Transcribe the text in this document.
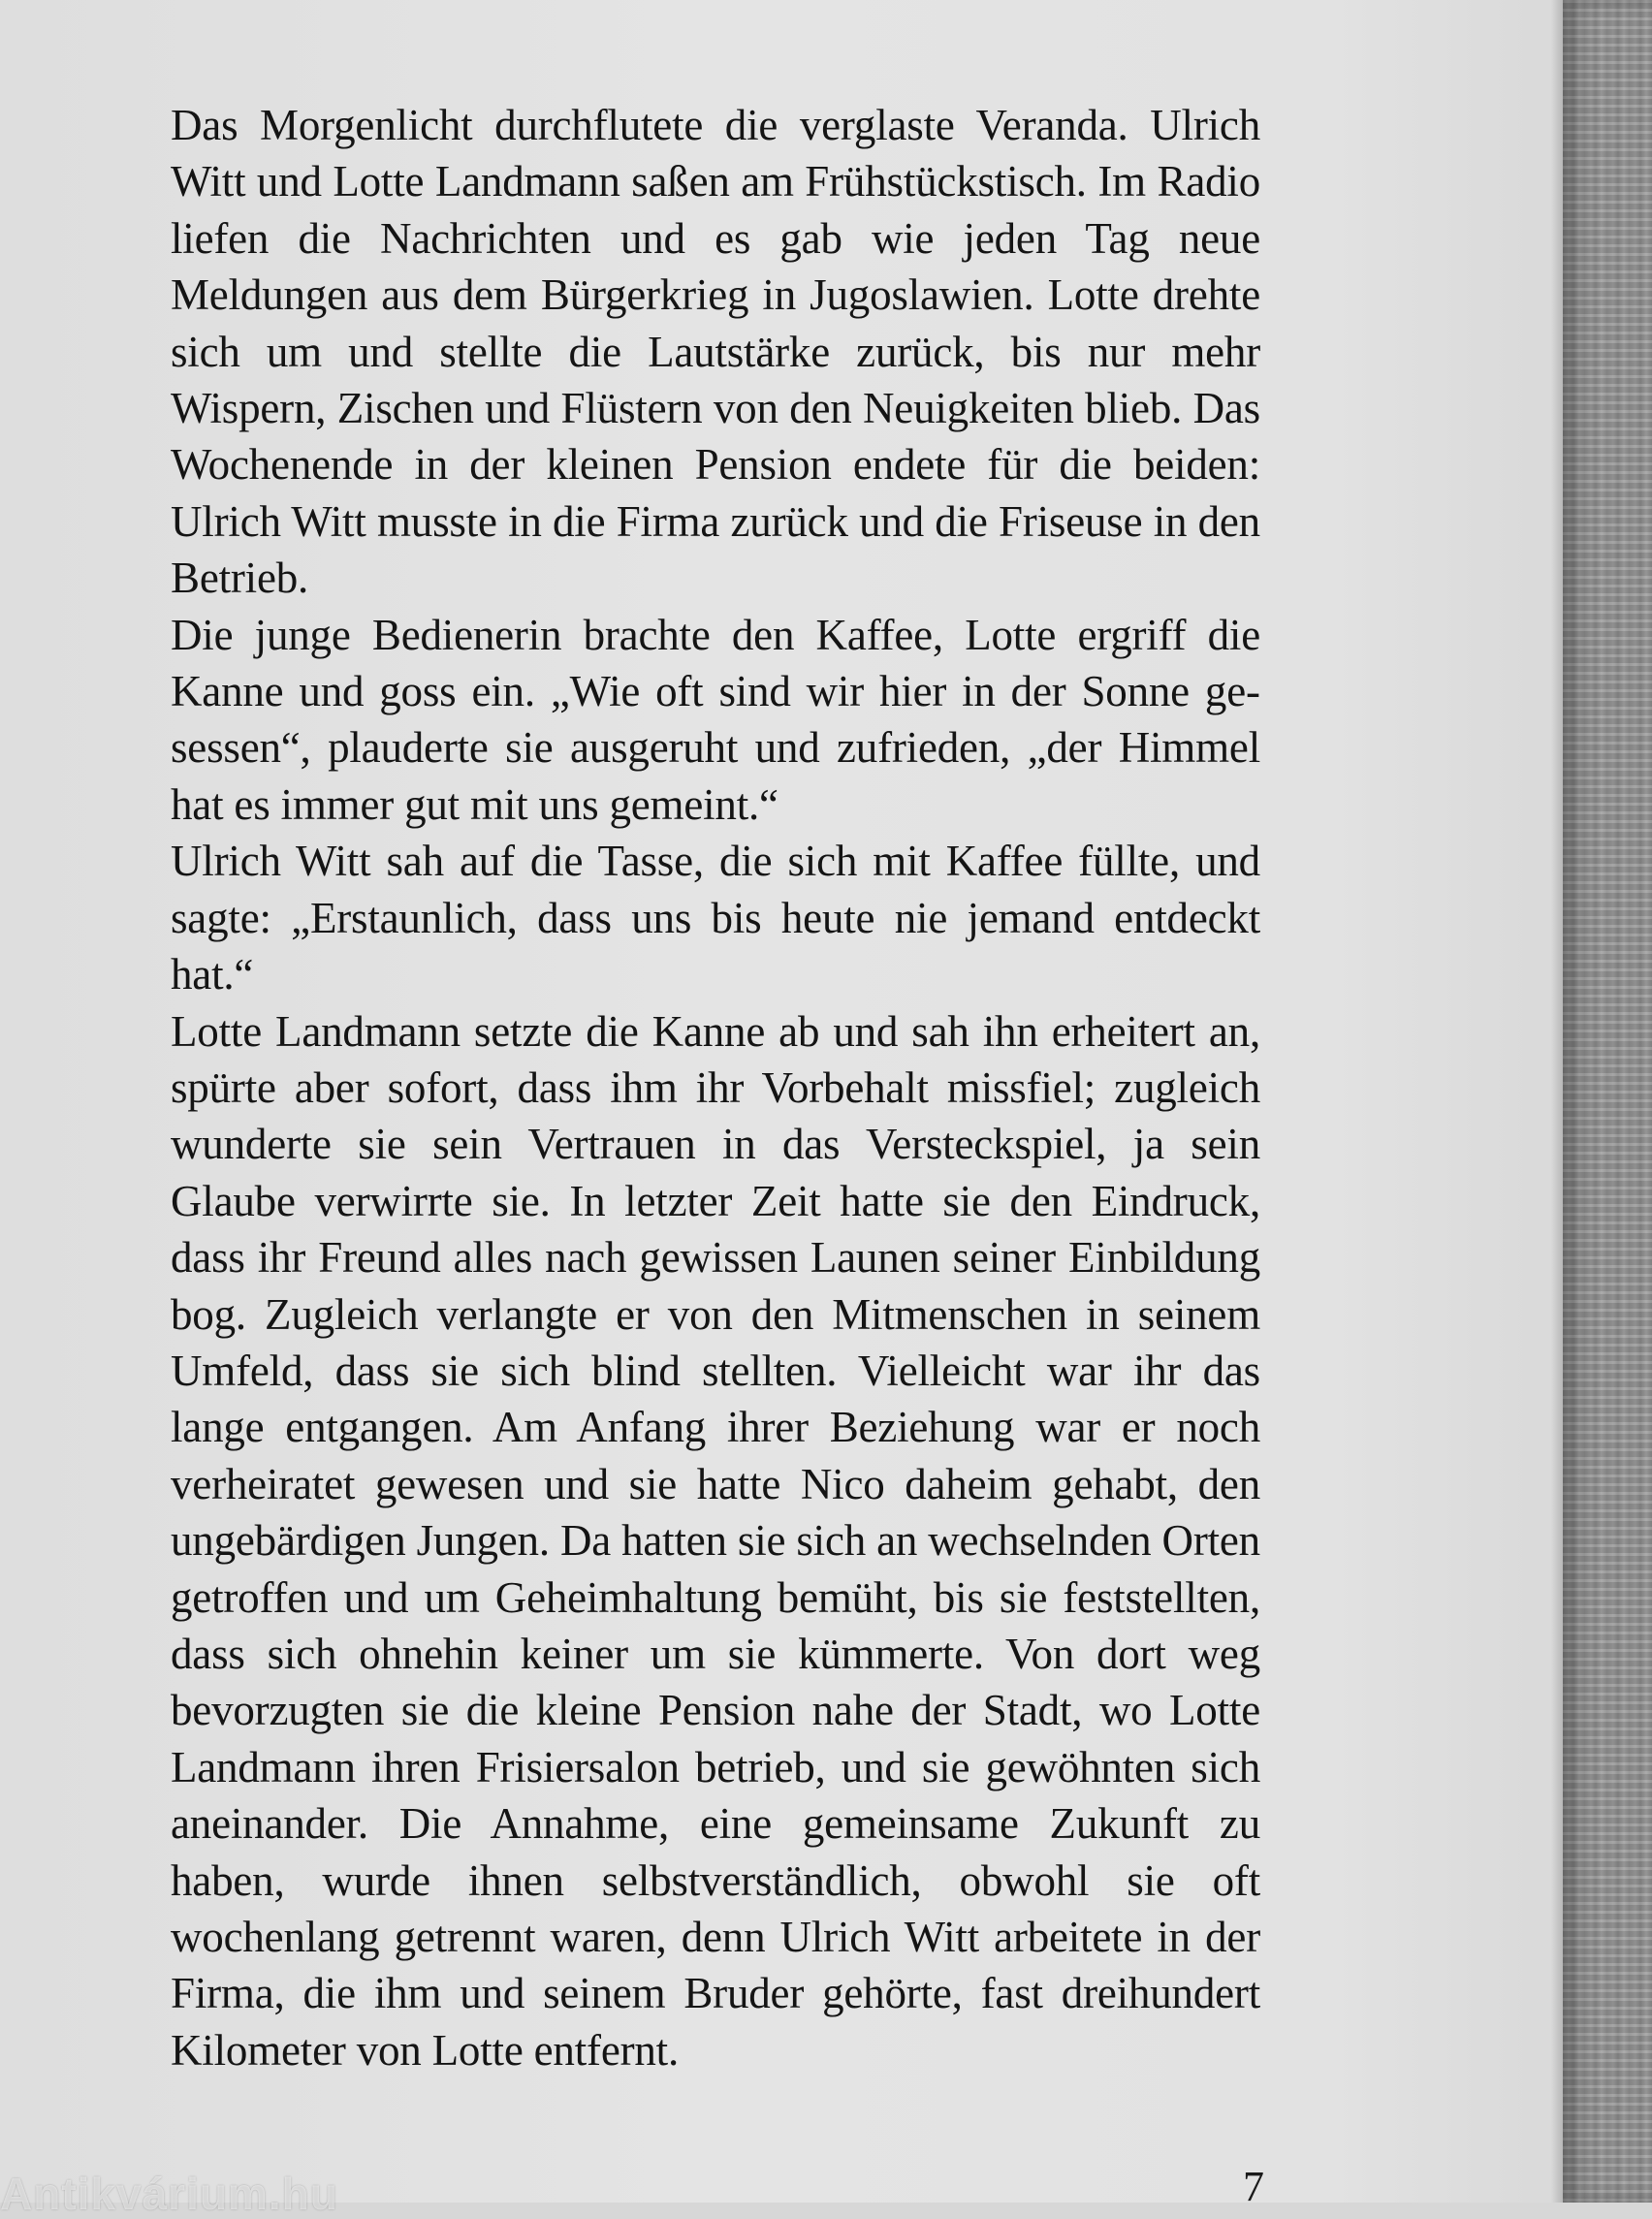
Das Morgenlicht durchflutete die verglaste Veranda. Ulrich Witt und Lotte Landmann saßen am Frühstückstisch. Im Radio liefen die Nachrichten und es gab wie jeden Tag neue Meldungen aus dem Bürgerkrieg in Jugoslawien. Lotte drehte sich um und stellte die Lautstärke zurück, bis nur mehr Wispern, Zischen und Flüstern von den Neuigkeiten blieb. Das Wochenende in der kleinen Pension endete für die beiden: Ulrich Witt musste in die Firma zurück und die Friseuse in den Betrieb.

Die junge Bedienerin brachte den Kaffee, Lotte ergriff die Kanne und goss ein. „Wie oft sind wir hier in der Sonne gesessen“, plauderte sie ausgeruht und zufrieden, „der Himmel hat es immer gut mit uns gemeint.“

Ulrich Witt sah auf die Tasse, die sich mit Kaffee füllte, und sagte: „Erstaunlich, dass uns bis heute nie jemand entdeckt hat.“

Lotte Landmann setzte die Kanne ab und sah ihn erheitert an, spürte aber sofort, dass ihm ihr Vorbehalt missfiel; zugleich wunderte sie sein Vertrauen in das Versteckspiel, ja sein Glaube verwirrte sie. In letzter Zeit hatte sie den Eindruck, dass ihr Freund alles nach gewissen Launen seiner Einbildung bog. Zugleich verlangte er von den Mitmenschen in seinem Umfeld, dass sie sich blind stellten. Vielleicht war ihr das lange entgangen. Am Anfang ihrer Beziehung war er noch verheiratet gewesen und sie hatte Nico daheim gehabt, den ungebärdigen Jungen. Da hatten sie sich an wechselnden Orten getroffen und um Geheimhaltung bemüht, bis sie feststellten, dass sich ohnehin keiner um sie kümmerte. Von dort weg bevorzugten sie die kleine Pension nahe der Stadt, wo Lotte Landmann ihren Frisiersalon betrieb, und sie gewöhnten sich aneinander. Die Annahme, eine gemeinsame Zukunft zu haben, wurde ihnen selbstverständlich, obwohl sie oft wochenlang getrennt waren, denn Ulrich Witt arbeitete in der Firma, die ihm und seinem Bruder gehörte, fast dreihundert Kilometer von Lotte entfernt.

7
Antikvárium.hu
